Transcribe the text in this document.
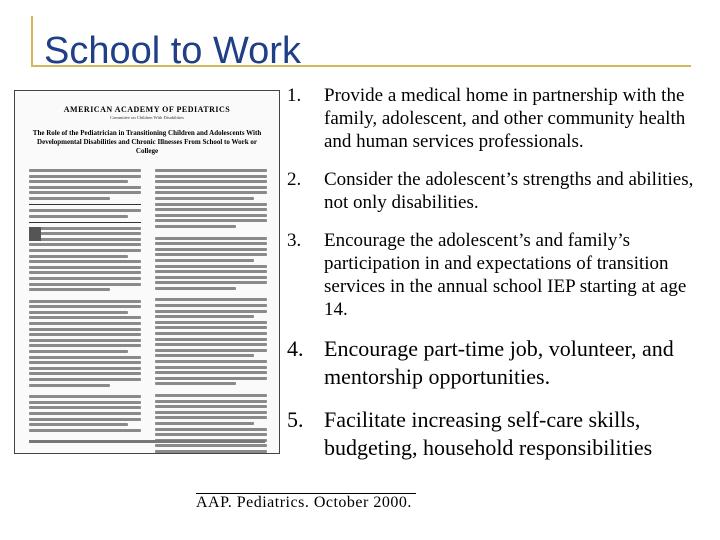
School to Work
AMERICAN ACADEMY OF PEDIATRICS
Committee on Children With Disabilities
The Role of the Pediatrician in Transitioning Children and Adolescents With Developmental Disabilities and Chronic Illnesses From School to Work or College
1. Provide a medical home in partnership with the family, adolescent, and other community health and human services professionals.
2. Consider the adolescent’s strengths and abilities, not only disabilities.
3. Encourage the adolescent’s and family’s participation in and expectations of transition services in the annual school IEP starting at age 14.
4. Encourage part-time job, volunteer, and mentorship opportunities.
5. Facilitate increasing self-care skills, budgeting, household responsibilities
AAP. Pediatrics. October 2000.
